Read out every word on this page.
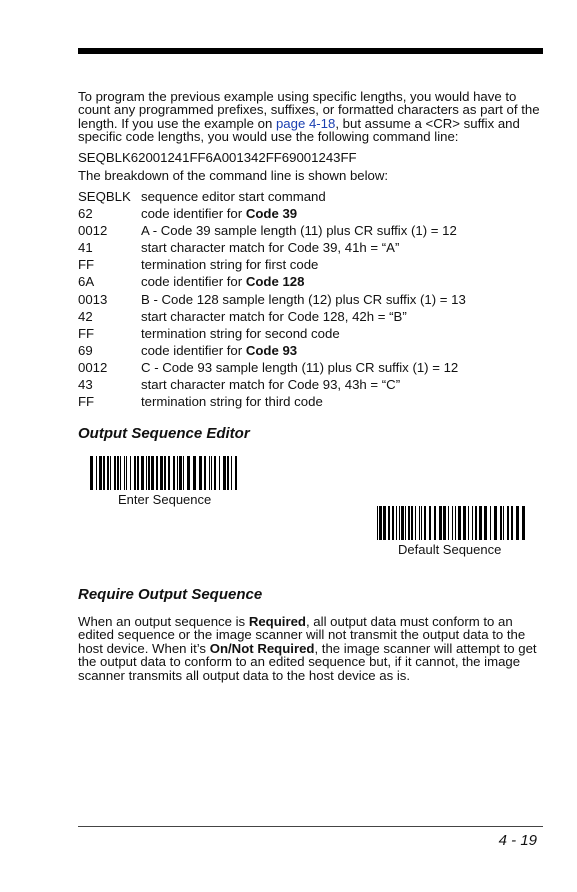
To program the previous example using specific lengths, you would have to count any programmed prefixes, suffixes, or formatted characters as part of the length. If you use the example on page 4-18, but assume a <CR> suffix and specific code lengths, you would use the following command line:
SEQBLK62001241FF6A001342FF69001243FF
The breakdown of the command line is shown below:
SEQBLK sequence editor start command
62	code identifier for Code 39
0012	A - Code 39 sample length (11) plus CR suffix (1) = 12
41	start character match for Code 39, 41h = “A”
FF	termination string for first code
6A	code identifier for Code 128
0013	B - Code 128 sample length (12) plus CR suffix (1) = 13
42	start character match for Code 128, 42h = “B”
FF	termination string for second code
69	code identifier for Code 93
0012	C - Code 93 sample length (11) plus CR suffix (1) = 12
43	start character match for Code 93, 43h = “C”
FF	termination string for third code
Output Sequence Editor
Enter Sequence
Default Sequence
Require Output Sequence
When an output sequence is Required, all output data must conform to an edited sequence or the image scanner will not transmit the output data to the host device. When it’s On/Not Required, the image scanner will attempt to get the output data to conform to an edited sequence but, if it cannot, the image scanner transmits all output data to the host device as is.
4 - 19
